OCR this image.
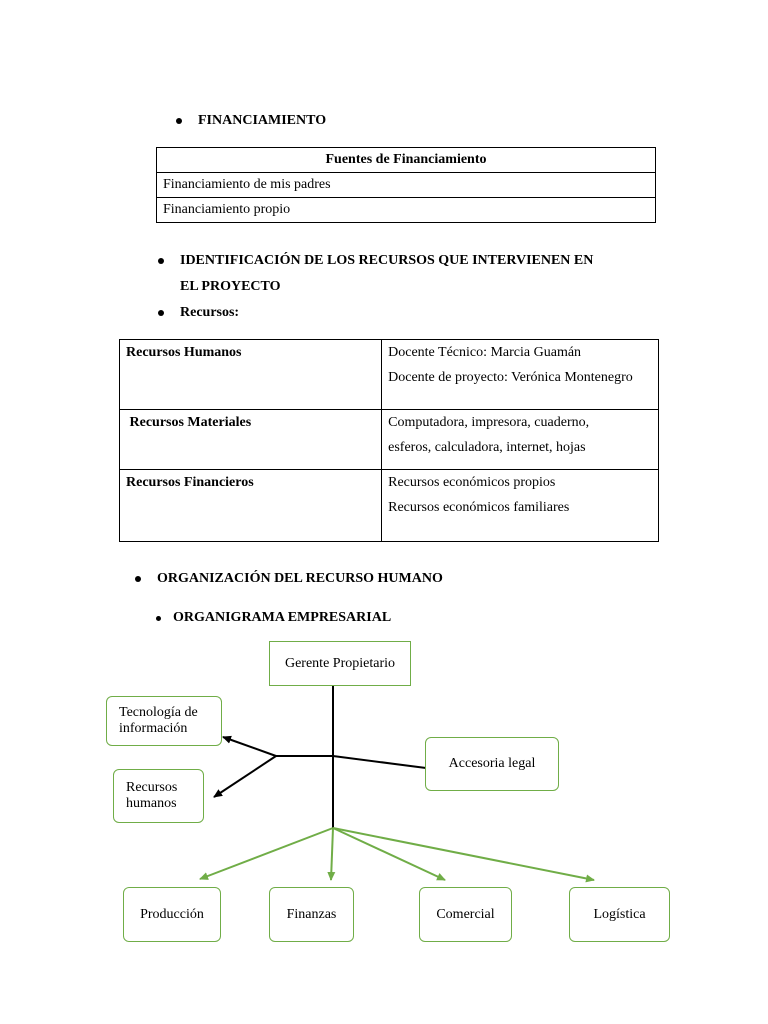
FINANCIAMIENTO
Fuentes de Financiamiento
Financiamiento de mis padres
Financiamiento propio
IDENTIFICACIÓN DE LOS RECURSOS QUE INTERVIENEN EN
EL PROYECTO
Recursos:
Recursos Humanos	Docente Técnico: Marcia Guamán
Docente de proyecto: Verónica Montenegro

Recursos Materiales	Computadora, impresora, cuaderno,
esferos, calculadora, internet, hojas

Recursos Financieros	Recursos económicos propios
Recursos económicos familiares
ORGANIZACIÓN DEL RECURSO HUMANO
ORGANIGRAMA EMPRESARIAL
Gerente Propietario
Tecnología de
información
Recursos
humanos
Accesoria legal
Producción	Finanzas	Comercial	Logística
